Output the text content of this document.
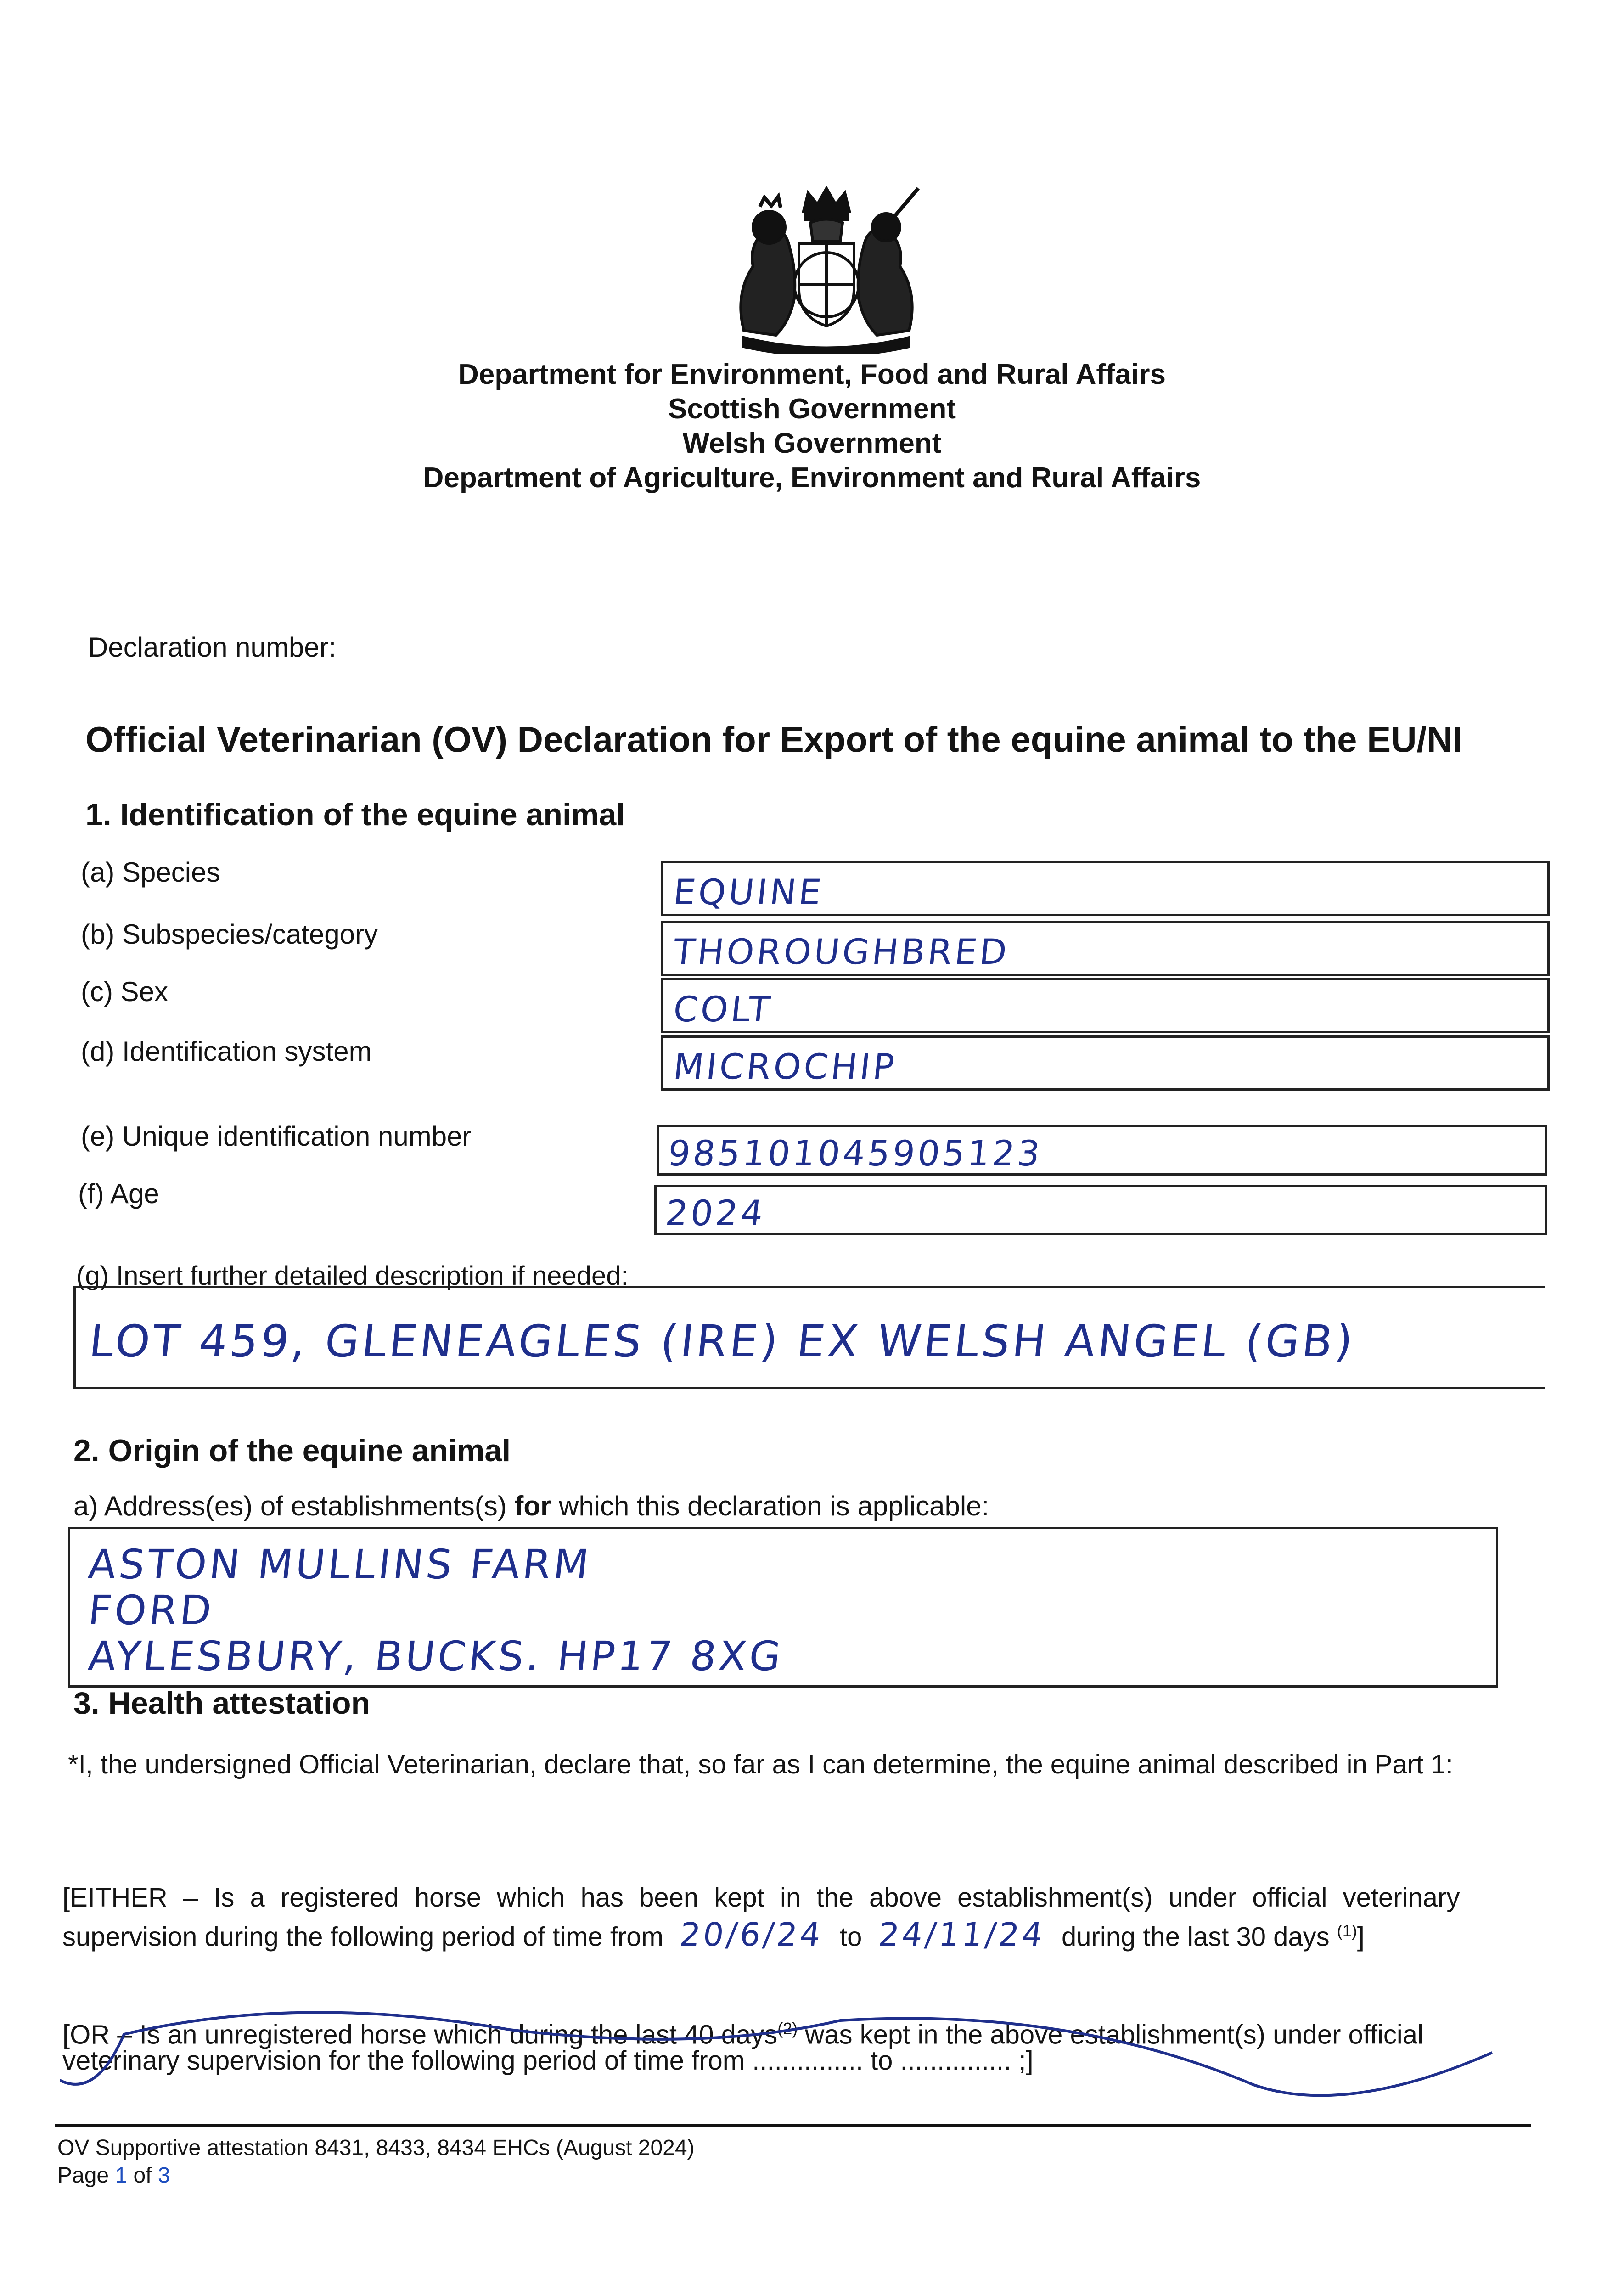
Department for Environment, Food and Rural Affairs
Scottish Government
Welsh Government
Department of Agriculture, Environment and Rural Affairs
Declaration number:
Official Veterinarian (OV) Declaration for Export of the equine animal to the EU/NI
1. Identification of the equine animal
(a) Species	EQUINE
(b) Subspecies/category	THOROUGHBRED
(c) Sex	COLT
(d) Identification system	MICROCHIP
(e) Unique identification number	985101045905123
(f) Age	2024
(g) Insert further detailed description if needed:
LOT 459, GLENEAGLES (IRE) EX WELSH ANGEL (GB)
2. Origin of the equine animal
a) Address(es) of establishments(s) for which this declaration is applicable:
ASTON MULLINS FARM
FORD
AYLESBURY, BUCKS. HP17 8XG
3. Health attestation
*I, the undersigned Official Veterinarian, declare that, so far as I can determine, the equine animal described in Part 1:
[EITHER – Is a registered horse which has been kept in the above establishment(s) under official veterinary
supervision during the following period of time from 20/6/24 to 24/11/24 during the last 30 days $^{(1)}$]
[OR – Is an unregistered horse which during the last 40 days$^{(2)}$ was kept in the above establishment(s) under official
veterinary supervision for the following period of time from ............... to ............... ;]
OV Supportive attestation 8431, 8433, 8434 EHCs (August 2024)
Page 1 of 3
